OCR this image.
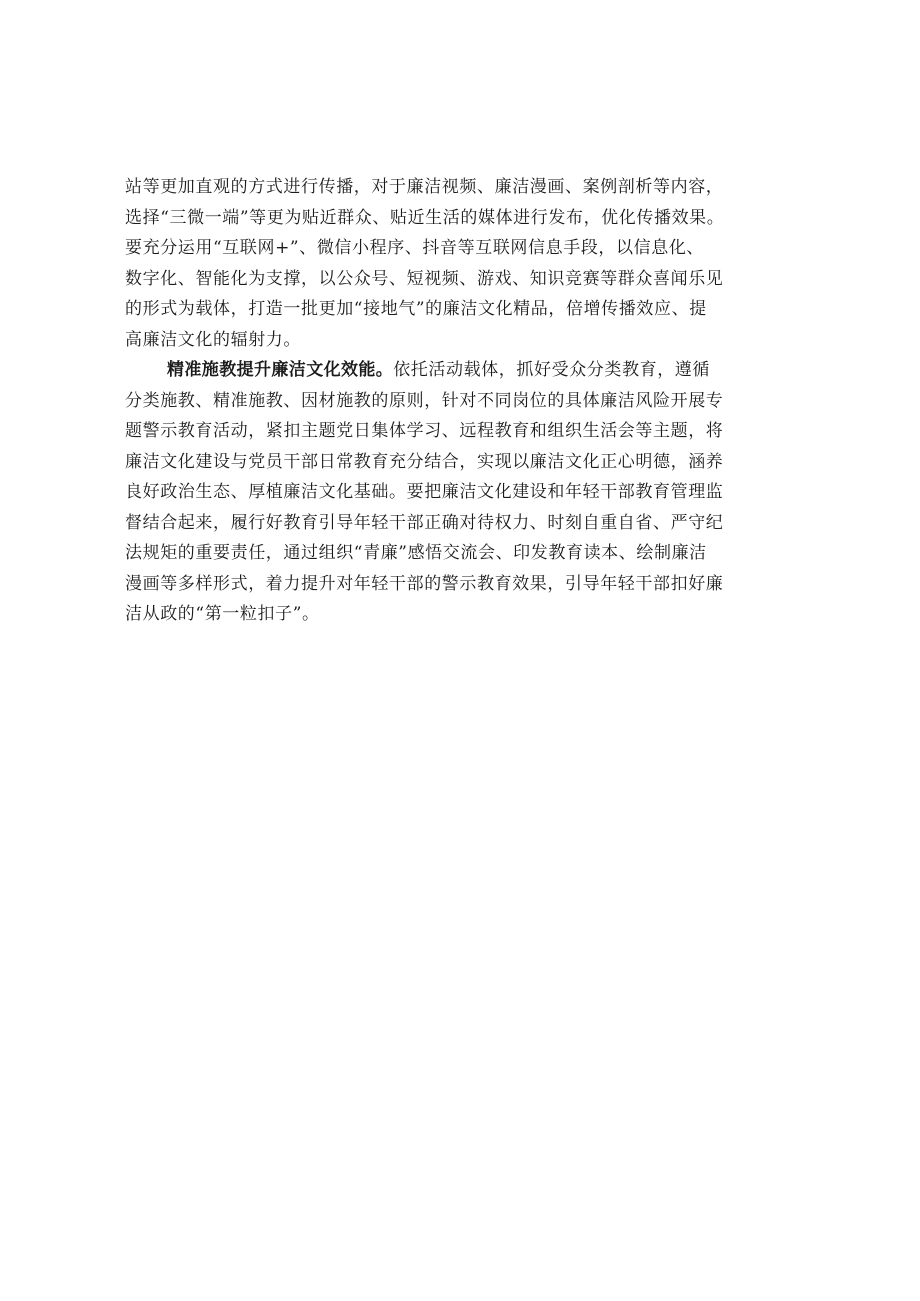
站等更加直观的方式进行传播，对于廉洁视频、廉洁漫画、案例剖析等内容，
选择“三微一端”等更为贴近群众、贴近生活的媒体进行发布，优化传播效果。
要充分运用“互联网+”、微信小程序、抖音等互联网信息手段，以信息化、
数字化、智能化为支撑，以公众号、短视频、游戏、知识竞赛等群众喜闻乐见
的形式为载体，打造一批更加“接地气”的廉洁文化精品，倍增传播效应、提
高廉洁文化的辐射力。
精准施教提升廉洁文化效能。依托活动载体，抓好受众分类教育，遵循
分类施教、精准施教、因材施教的原则，针对不同岗位的具体廉洁风险开展专
题警示教育活动，紧扣主题党日集体学习、远程教育和组织生活会等主题，将
廉洁文化建设与党员干部日常教育充分结合，实现以廉洁文化正心明德，涵养
良好政治生态、厚植廉洁文化基础。要把廉洁文化建设和年轻干部教育管理监
督结合起来，履行好教育引导年轻干部正确对待权力、时刻自重自省、严守纪
法规矩的重要责任，通过组织“青廉”感悟交流会、印发教育读本、绘制廉洁
漫画等多样形式，着力提升对年轻干部的警示教育效果，引导年轻干部扣好廉
洁从政的“第一粒扣子”。
